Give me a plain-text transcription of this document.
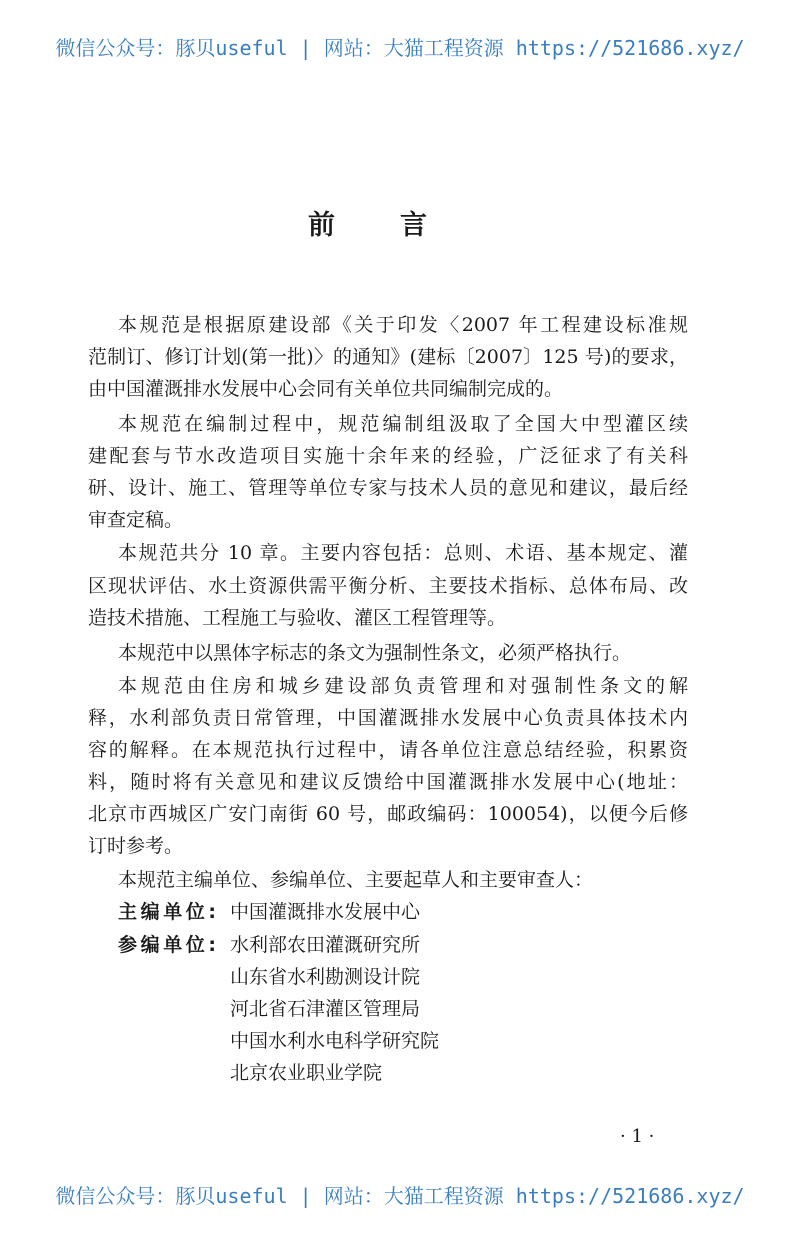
微信公众号：豚贝useful | 网站：大猫工程资源 https://521686.xyz/
前 言
本规范是根据原建设部《关于印发〈2007 年工程建设标准规
范制订、修订计划(第一批)〉的通知》(建标〔2007〕125 号)的要求，
由中国灌溉排水发展中心会同有关单位共同编制完成的。
本规范在编制过程中，规范编制组汲取了全国大中型灌区续
建配套与节水改造项目实施十余年来的经验，广泛征求了有关科
研、设计、施工、管理等单位专家与技术人员的意见和建议，最后经
审查定稿。
本规范共分 10 章。主要内容包括：总则、术语、基本规定、灌
区现状评估、水土资源供需平衡分析、主要技术指标、总体布局、改
造技术措施、工程施工与验收、灌区工程管理等。
本规范中以黑体字标志的条文为强制性条文，必须严格执行。
本规范由住房和城乡建设部负责管理和对强制性条文的解
释，水利部负责日常管理，中国灌溉排水发展中心负责具体技术内
容的解释。在本规范执行过程中，请各单位注意总结经验，积累资
料，随时将有关意见和建议反馈给中国灌溉排水发展中心(地址：
北京市西城区广安门南街 60 号，邮政编码：100054)，以便今后修
订时参考。
本规范主编单位、参编单位、主要起草人和主要审查人：
主编单位: 中国灌溉排水发展中心
参编单位: 水利部农田灌溉研究所
山东省水利勘测设计院
河北省石津灌区管理局
中国水利水电科学研究院
北京农业职业学院
· 1 ·
微信公众号：豚贝useful | 网站：大猫工程资源 https://521686.xyz/
